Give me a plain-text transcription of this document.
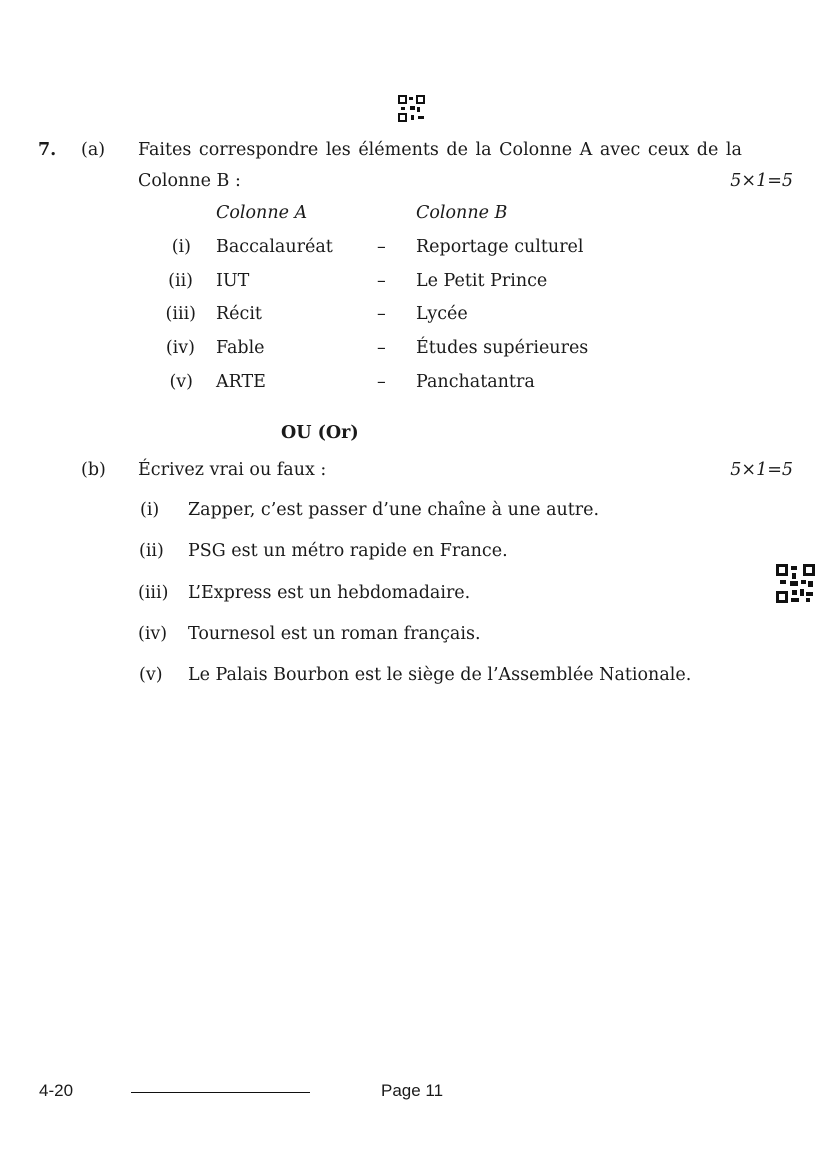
7. (a) Faites correspondre les éléments de la Colonne A avec ceux de la
Colonne B :	5×1=5
Colonne A	Colonne B
(i) Baccalauréat	– Reportage culturel
(ii) IUT	– Le Petit Prince
(iii) Récit	– Lycée
(iv) Fable	– Études supérieures
(v) ARTE	– Panchatantra
OU (Or)
(b) Écrivez vrai ou faux :	5×1=5
(i) Zapper, c’est passer d’une chaîne à une autre.
(ii) PSG est un métro rapide en France.
(iii) L’Express est un hebdomadaire.
(iv) Tournesol est un roman français.
(v) Le Palais Bourbon est le siège de l’Assemblée Nationale.
4-20	Page 11
